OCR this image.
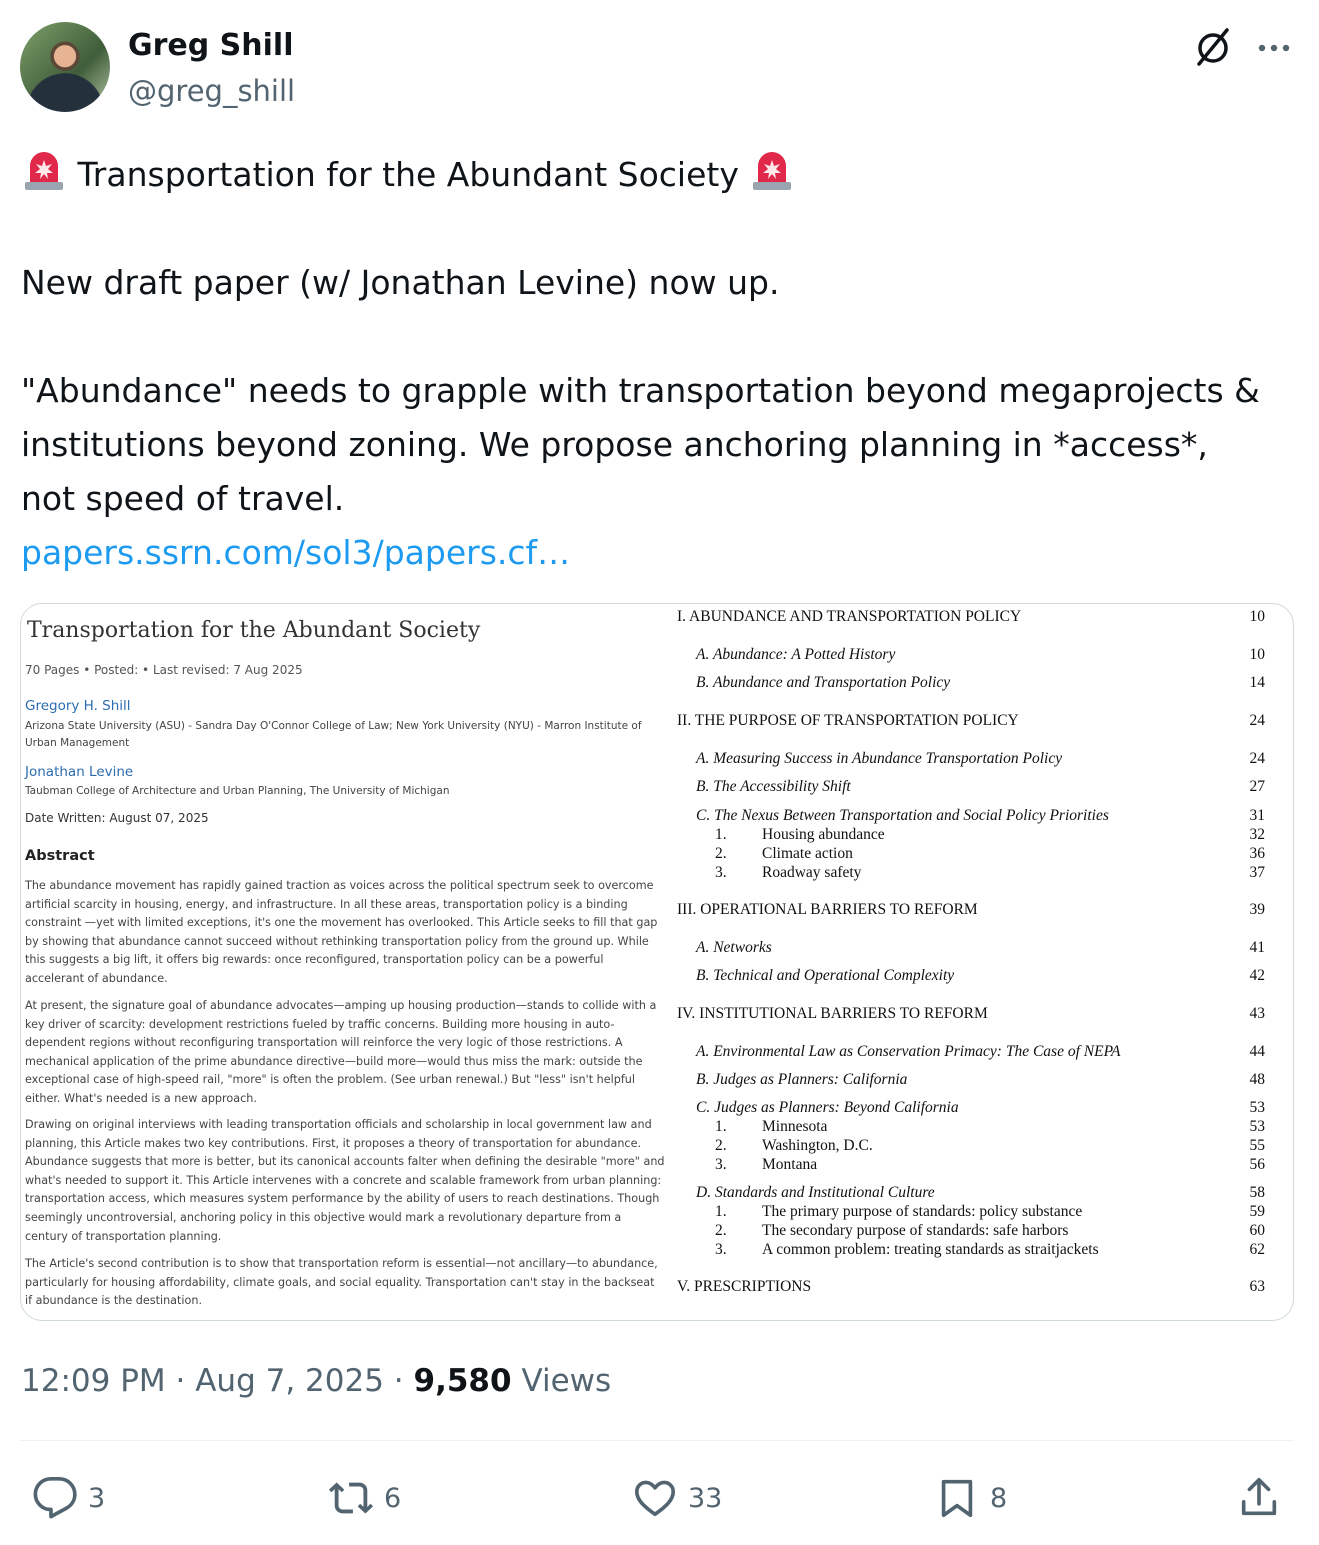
Greg Shill
@greg_shill

Transportation for the Abundant Society

New draft paper (w/ Jonathan Levine) now up.

"Abundance" needs to grapple with transportation beyond megaprojects &

institutions beyond zoning. We propose anchoring planning in *access*,

not speed of travel.

papers.ssrn.com/sol3/papers.cf…

Transportation for the Abundant Society
70 Pages • Posted: • Last revised: 7 Aug 2025
Gregory H. Shill
Arizona State University (ASU) - Sandra Day O'Connor College of Law; New York University (NYU) - Marron Institute of Urban Management
Jonathan Levine
Taubman College of Architecture and Urban Planning, The University of Michigan
Date Written: August 07, 2025
Abstract
The abundance movement has rapidly gained traction as voices across the political spectrum seek to overcome artificial scarcity in housing, energy, and infrastructure. In all these areas, transportation policy is a binding constraint —yet with limited exceptions, it's one the movement has overlooked. This Article seeks to fill that gap by showing that abundance cannot succeed without rethinking transportation policy from the ground up. While this suggests a big lift, it offers big rewards: once reconfigured, transportation policy can be a powerful accelerant of abundance.
At present, the signature goal of abundance advocates—amping up housing production—stands to collide with a key driver of scarcity: development restrictions fueled by traffic concerns. Building more housing in auto-dependent regions without reconfiguring transportation will reinforce the very logic of those restrictions. A mechanical application of the prime abundance directive—build more—would thus miss the mark: outside the exceptional case of high-speed rail, "more" is often the problem. (See urban renewal.) But "less" isn't helpful either. What's needed is a new approach.
Drawing on original interviews with leading transportation officials and scholarship in local government law and planning, this Article makes two key contributions. First, it proposes a theory of transportation for abundance. Abundance suggests that more is better, but its canonical accounts falter when defining the desirable "more" and what's needed to support it. This Article intervenes with a concrete and scalable framework from urban planning: transportation access, which measures system performance by the ability of users to reach destinations. Though seemingly uncontroversial, anchoring policy in this objective would mark a revolutionary departure from a century of transportation planning.
The Article's second contribution is to show that transportation reform is essential—not ancillary—to abundance, particularly for housing affordability, climate goals, and social equality. Transportation can't stay in the backseat if abundance is the destination.
I. ABUNDANCE AND TRANSPORTATION POLICY	10
A. Abundance: A Potted History	10
B. Abundance and Transportation Policy	14
II. THE PURPOSE OF TRANSPORTATION POLICY	24
A. Measuring Success in Abundance Transportation Policy	24
B. The Accessibility Shift	27
C. The Nexus Between Transportation and Social Policy Priorities	31
1. Housing abundance	32
2. Climate action	36
3. Roadway safety	37
III. OPERATIONAL BARRIERS TO REFORM	39
A. Networks	41
B. Technical and Operational Complexity	42
IV. INSTITUTIONAL BARRIERS TO REFORM	43
A. Environmental Law as Conservation Primacy: The Case of NEPA	44
B. Judges as Planners: California	48
C. Judges as Planners: Beyond California	53
1. Minnesota	53
2. Washington, D.C.	55
3. Montana	56
D. Standards and Institutional Culture	58
1. The primary purpose of standards: policy substance	59
2. The secondary purpose of standards: safe harbors	60
3. A common problem: treating standards as straitjackets	62
V. PRESCRIPTIONS	63
12:09 PM · Aug 7, 2025 · 9,580 Views
3	6	33	8
